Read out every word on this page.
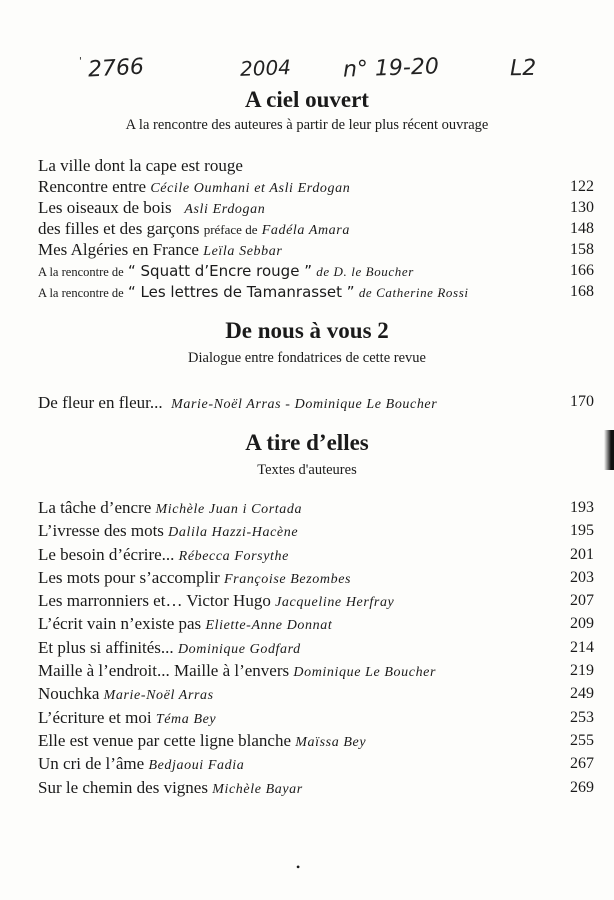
' 2766	2004 n° 19-20	L2
A ciel ouvert

A la rencontre des auteures à partir de leur plus récent ouvrage

La ville dont la cape est rouge
Rencontre entre Cécile Oumhani et Asli Erdogan	122
Les oiseaux de bois Asli Erdogan	130
des filles et des garçons préface de Fadéla Amara	148
Mes Algéries en France Leïla Sebbar	158
A la rencontre de “ Squatt d’Encre rouge ” de D. le Boucher	166
A la rencontre de “ Les lettres de Tamanrasset ” de Catherine Rossi	168
De nous à vous 2

Dialogue entre fondatrices de cette revue

De fleur en fleur... Marie-Noël Arras - Dominique Le Boucher	170
A tire d’elles

Textes d'auteures

La tâche d’encre Michèle Juan i Cortada	193
L’ivresse des mots Dalila Hazzi-Hacène	195
Le besoin d’écrire... Rébecca Forsythe	201
Les mots pour s’accomplir Françoise Bezombes	203
Les marronniers et… Victor Hugo Jacqueline Herfray	207
L’écrit vain n’existe pas Eliette-Anne Donnat	209
Et plus si affinités... Dominique Godfard	214
Maille à l’endroit... Maille à l’envers Dominique Le Boucher	219
Nouchka Marie-Noël Arras	249
L’écriture et moi Téma Bey	253
Elle est venue par cette ligne blanche Maïssa Bey	255
Un cri de l’âme Bedjaoui Fadia	267
Sur le chemin des vignes Michèle Bayar	269
•
